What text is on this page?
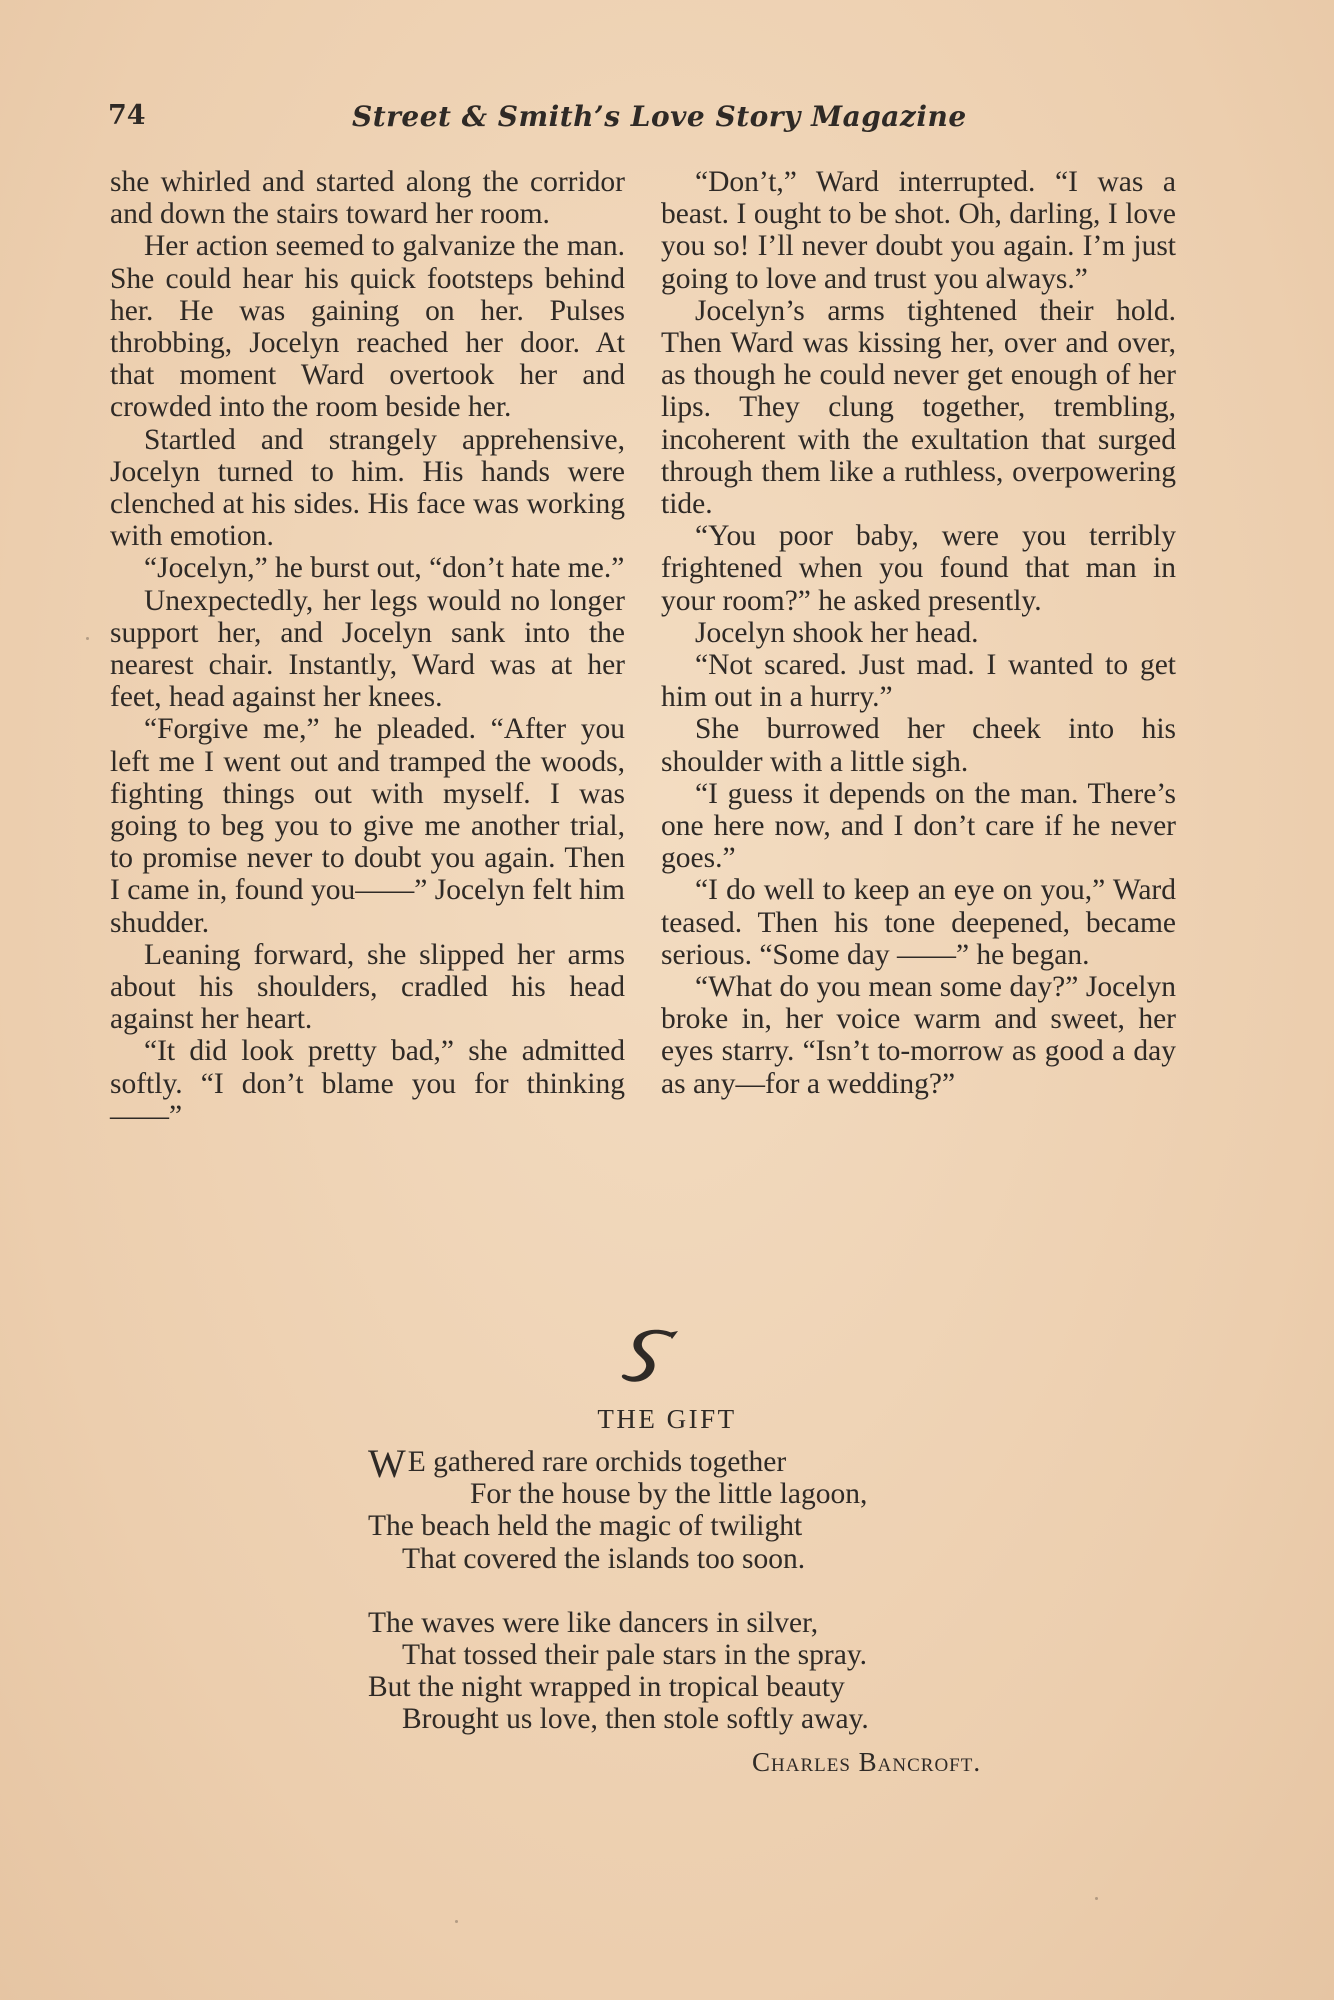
74	Street & Smith’s Love Story Magazine

she whirled and started along the corridor and down the stairs toward her room.

Her action seemed to galvanize the man. She could hear his quick footsteps behind her. He was gaining on her. Pulses throbbing, Jocelyn reached her door. At that moment Ward overtook her and crowded into the room beside her.

Startled and strangely apprehensive, Jocelyn turned to him. His hands were clenched at his sides. His face was working with emotion.

“Jocelyn,” he burst out, “don’t hate me.”

Unexpectedly, her legs would no longer support her, and Jocelyn sank into the nearest chair. Instantly, Ward was at her feet, head against her knees.

“Forgive me,” he pleaded. “After you left me I went out and tramped the woods, fighting things out with myself. I was going to beg you to give me another trial, to promise never to doubt you again. Then I came in, found you——” Jocelyn felt him shudder.

Leaning forward, she slipped her arms about his shoulders, cradled his head against her heart.

“It did look pretty bad,” she admitted softly. “I don’t blame you for thinking——”

“Don’t,” Ward interrupted. “I was a beast. I ought to be shot. Oh, darling, I love you so! I’ll never doubt you again. I’m just going to love and trust you always.”

Jocelyn’s arms tightened their hold. Then Ward was kissing her, over and over, as though he could never get enough of her lips. They clung together, trembling, incoherent with the exultation that surged through them like a ruthless, overpowering tide.

“You poor baby, were you terribly frightened when you found that man in your room?” he asked presently.

Jocelyn shook her head.

“Not scared. Just mad. I wanted to get him out in a hurry.”

She burrowed her cheek into his shoulder with a little sigh.

“I guess it depends on the man. There’s one here now, and I don’t care if he never goes.”

“I do well to keep an eye on you,” Ward teased. Then his tone deepened, became serious. “Some day ——” he began.

“What do you mean some day?” Jocelyn broke in, her voice warm and sweet, her eyes starry. “Isn’t to-morrow as good a day as any—for a wedding?”

THE GIFT
WE gathered rare orchids together
For the house by the little lagoon,
The beach held the magic of twilight
That covered the islands too soon.
The waves were like dancers in silver,
That tossed their pale stars in the spray.
But the night wrapped in tropical beauty
Brought us love, then stole softly away.
Charles Bancroft.
